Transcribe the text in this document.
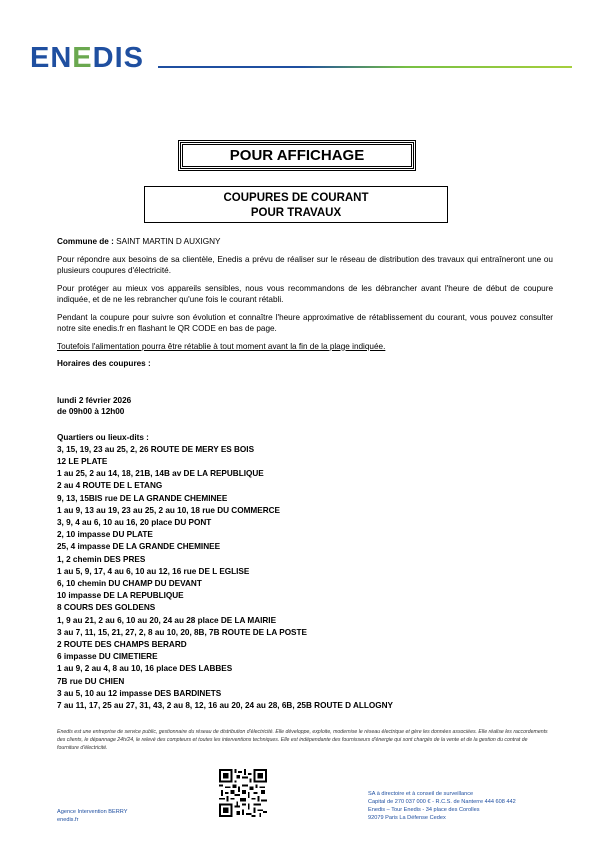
ENEDIS
POUR AFFICHAGE
COUPURES DE COURANT
POUR TRAVAUX
Commune de : SAINT MARTIN D AUXIGNY

Pour répondre aux besoins de sa clientèle, Enedis a prévu de réaliser sur le réseau de distribution des travaux qui entraîneront une ou plusieurs coupures d'électricité.

Pour protéger au mieux vos appareils sensibles, nous vous recommandons de les débrancher avant l'heure de début de coupure indiquée, et de ne les rebrancher qu'une fois le courant rétabli.

Pendant la coupure pour suivre son évolution et connaître l'heure approximative de rétablissement du courant, vous pouvez consulter notre site enedis.fr en flashant le QR CODE en bas de page.

Toutefois l'alimentation pourra être rétablie à tout moment avant la fin de la plage indiquée.

Horaires des coupures :

lundi 2 février 2026
de 09h00 à 12h00
Quartiers ou lieux-dits :
3, 15, 19, 23 au 25, 2, 26 ROUTE DE MERY ES BOIS
12 LE PLATE
1 au 25, 2 au 14, 18, 21B, 14B av DE LA REPUBLIQUE
2 au 4 ROUTE DE L ETANG
9, 13, 15BIS rue DE LA GRANDE CHEMINEE
1 au 9, 13 au 19, 23 au 25, 2 au 10, 18 rue DU COMMERCE
3, 9, 4 au 6, 10 au 16, 20 place DU PONT
2, 10 impasse DU PLATE
25, 4 impasse DE LA GRANDE CHEMINEE
1, 2 chemin DES PRES
1 au 5, 9, 17, 4 au 6, 10 au 12, 16 rue DE L EGLISE
6, 10 chemin DU CHAMP DU DEVANT
10 impasse DE LA REPUBLIQUE
8 COURS DES GOLDENS
1, 9 au 21, 2 au 6, 10 au 20, 24 au 28 place DE LA MAIRIE
3 au 7, 11, 15, 21, 27, 2, 8 au 10, 20, 8B, 7B ROUTE DE LA POSTE
2 ROUTE DES CHAMPS BERARD
6 impasse DU CIMETIERE
1 au 9, 2 au 4, 8 au 10, 16 place DES LABBES
7B rue DU CHIEN
3 au 5, 10 au 12 impasse DES BARDINETS
7 au 11, 17, 25 au 27, 31, 43, 2 au 8, 12, 16 au 20, 24 au 28, 6B, 25B ROUTE D ALLOGNY
Enedis est une entreprise de service public, gestionnaire du réseau de distribution d'électricité. Elle développe, exploite, modernise le réseau électrique et gère les données associées. Elle réalise les raccordements des clients, le dépannage 24h/24, le relevé des compteurs et toutes les interventions techniques. Elle est indépendante des fournisseurs d'énergie qui sont chargés de la vente et de la gestion du contrat de fourniture d'électricité.
Agence Intervention BERRY
enedis.fr
SA à directoire et à conseil de surveillance
Capital de 270 037 000 € - R.C.S. de Nanterre 444 608 442
Enedis – Tour Enedis - 34 place des Corolles
92079 Paris La Défense Cedex
